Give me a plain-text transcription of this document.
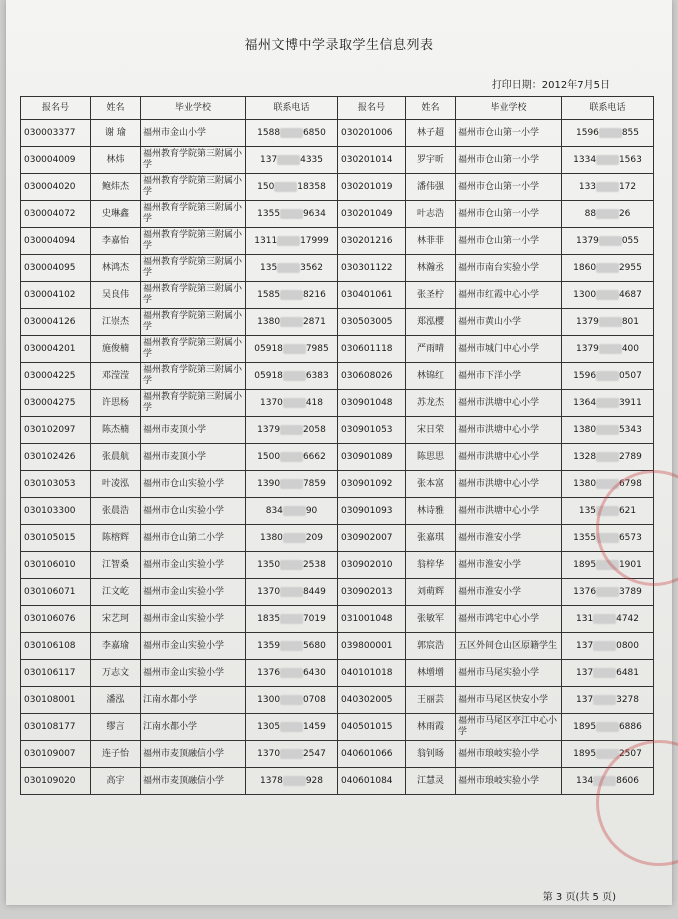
福州文博中学录取学生信息列表
打印日期：2012年7月5日
报名号	姓名	毕业学校	联系电话	报名号	姓名	毕业学校	联系电话
030003377	谢 瑜	福州市金山小学	1588 6850	030201006	林子超	福州市仓山第一小学	1596 855
030004009	林炜	福州教育学院第三附属小学	137 4335	030201014	罗宇昕	福州市仓山第一小学	1334 1563
030004020	鲍炜杰	福州教育学院第三附属小学	150 18358	030201019	潘伟强	福州市仓山第一小学	133 172
030004072	史琳鑫	福州教育学院第三附属小学	1355 9634	030201049	叶志浩	福州市仓山第一小学	88 26
030004094	李嘉怡	福州教育学院第三附属小学	1311 17999	030201216	林菲菲	福州市仓山第一小学	1379 055
030004095	林鸿杰	福州教育学院第三附属小学	135 3562	030301122	林瀚丞	福州市南台实验小学	1860 2955
030004102	吴良伟	福州教育学院第三附属小学	1585 8216	030401061	张圣柠	福州市红霞中心小学	1300 4687
030004126	江崇杰	福州教育学院第三附属小学	1380 2871	030503005	郑泓樱	福州市黄山小学	1379 801
030004201	施俊楠	福州教育学院第三附属小学	05918 7985	030601118	严雨晴	福州市城门中心小学	1379 400
030004225	邓滢滢	福州教育学院第三附属小学	05918 6383	030608026	林锦红	福州市下洋小学	1596 0507
030004275	许思杨	福州教育学院第三附属小学	1370 418	030901048	苏龙杰	福州市洪塘中心小学	1364 3911
030102097	陈杰楠	福州市麦顶小学	1379 2058	030901053	宋日荣	福州市洪塘中心小学	1380 5343
030102426	张晨航	福州市麦顶小学	1500 6662	030901089	陈思思	福州市洪塘中心小学	1328 2789
030103053	叶凌泓	福州市仓山实验小学	1390 7859	030901092	张本富	福州市洪塘中心小学	1380 6798
030103300	张晨浩	福州市仓山实验小学	834 90	030901093	林诗雅	福州市洪塘中心小学	135 621
030105015	陈榕辉	福州市仓山第二小学	1380 209	030902007	张嘉琪	福州市淮安小学	1355 6573
030106010	江智桑	福州市金山实验小学	1350 2538	030902010	翁梓华	福州市淮安小学	1895 1901
030106071	江文屹	福州市金山实验小学	1370 8449	030902013	刘萌辉	福州市淮安小学	1376 3789
030106076	宋艺珂	福州市金山实验小学	1835 7019	031001048	张敏军	福州市鸿宅中心小学	131 4742
030106108	李嘉瑜	福州市金山实验小学	1359 5680	039800001	郭宸浩	五区外间仓山区原籍学生	137 0800
030106117	万志文	福州市金山实验小学	1376 6430	040101018	林增增	福州市马尾实验小学	137 6481
030108001	潘泓	江南水都小学	1300 0708	040302005	王丽芸	福州市马尾区快安小学	137 3278
030108177	缪言	江南水都小学	1305 1459	040501015	林雨霞	福州市马尾区亭江中心小学	1895 6886
030109007	连子怡	福州市麦顶融信小学	1370 2547	040601066	翁钊旸	福州市琅岐实验小学	1895 2507
030109020	高宇	福州市麦顶融信小学	1378 928	040601084	江慧灵	福州市琅岐实验小学	134 8606
第 3 页(共 5 页)
